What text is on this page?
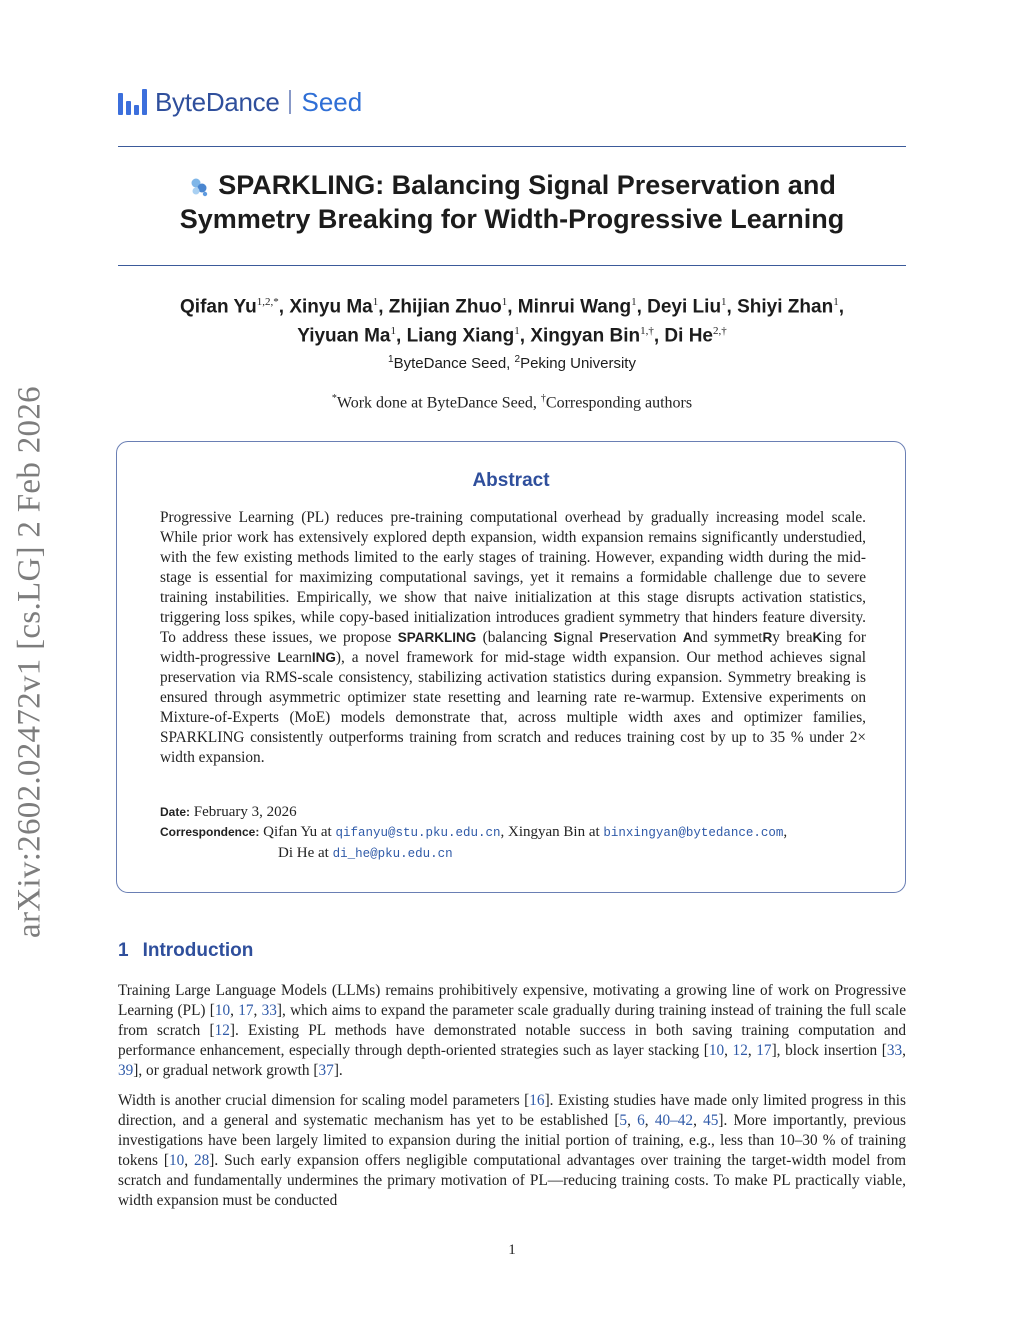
arXiv:2602.02472v1 [cs.LG] 2 Feb 2026
ByteDance Seed
SPARKLING: Balancing Signal Preservation and
Symmetry Breaking for Width-Progressive Learning
Qifan $Yu^{1,2,*}$, Xinyu Ma$^1$, Zhijian Zhuo$^1$, Minrui Wang$^1$, Deyi Liu$^1$, Shiyi Zhan$^1$,
Yiyuan Ma$^1$, Liang Xiang$^1$, Xingyan Bin$^{1,\dagger}$, Di $He^{2,\dagger}$
$^1$ByteDance Seed, $^2$Peking University
*Work done at ByteDance Seed, †Corresponding authors
Abstract
Progressive Learning (PL) reduces pre-training computational overhead by gradually increasing model scale. While prior work has extensively explored depth expansion, width expansion remains significantly understudied, with the few existing methods limited to the early stages of training. However, expanding width during the mid-stage is essential for maximizing computational savings, yet it remains a formidable challenge due to severe training instabilities. Empirically, we show that naive initialization at this stage disrupts activation statistics, triggering loss spikes, while copy-based initialization introduces gradient symmetry that hinders feature diversity. To address these issues, we propose SPARKLING (balancing Signal Preservation And symmetRy breaKing for width-progressive LearnING), a novel framework for mid-stage width expansion. Our method achieves signal preservation via RMS-scale consistency, stabilizing activation statistics during expansion. Symmetry breaking is ensured through asymmetric optimizer state resetting and learning rate re-warmup. Extensive experiments on Mixture-of-Experts (MoE) models demonstrate that, across multiple width axes and optimizer families, SPARKLING consistently outperforms training from scratch and reduces training cost by up to 35 % under 2× width expansion.
Date: February 3, 2026
Correspondence: Qifan Yu at qifanyu@stu.pku.edu.cn, Xingyan Bin at binxingyan@bytedance.com,
Di He at di_he@pku.edu.cn
1 Introduction
Training Large Language Models (LLMs) remains prohibitively expensive, motivating a growing line of work on Progressive Learning (PL) [10, 17, 33], which aims to expand the parameter scale gradually during training instead of training the full scale from scratch [12]. Existing PL methods have demonstrated notable success in both saving training computation and performance enhancement, especially through depth-oriented strategies such as layer stacking [10, 12, 17], block insertion [33, 39], or gradual network growth [37].
Width is another crucial dimension for scaling model parameters [16]. Existing studies have made only limited progress in this direction, and a general and systematic mechanism has yet to be established [5, 6, 40–42, 45]. More importantly, previous investigations have been largely limited to expansion during the initial portion of training, e.g., less than 10–30 % of training tokens [10, 28]. Such early expansion offers negligible computational advantages over training the target-width model from scratch and fundamentally undermines the primary motivation of PL—reducing training costs. To make PL practically viable, width expansion must be conducted
1
